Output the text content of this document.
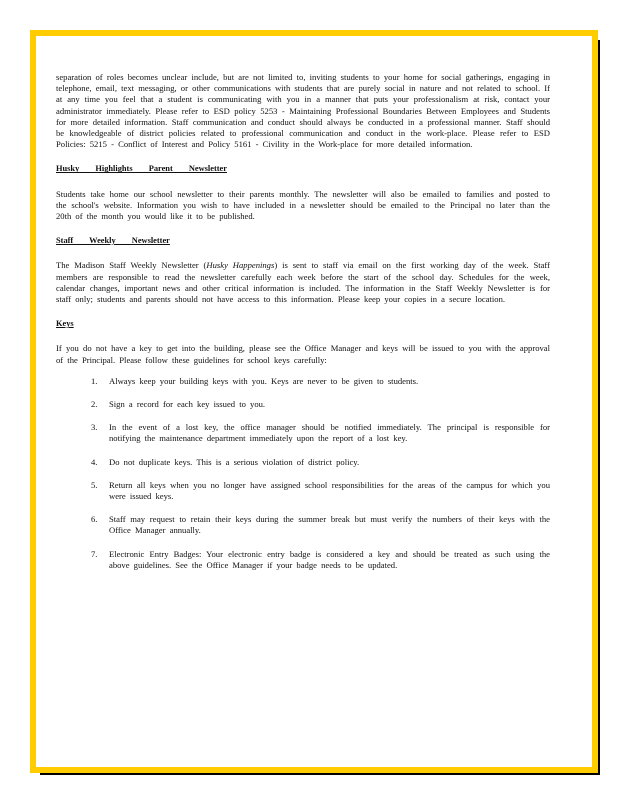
separation of roles becomes unclear include, but are not limited to, inviting students to your home for social gatherings, engaging in telephone, email, text messaging, or other communications with students that are purely social in nature and not related to school. If at any time you feel that a student is communicating with you in a manner that puts your professionalism at risk, contact your administrator immediately. Please refer to ESD policy 5253 - Maintaining Professional Boundaries Between Employees and Students for more detailed information. Staff communication and conduct should always be conducted in a professional manner. Staff should be knowledgeable of district policies related to professional communication and conduct in the work-place. Please refer to ESD Policies: 5215 - Conflict of Interest and Policy 5161 - Civility in the Work-place for more detailed information.

Husky Highlights Parent Newsletter

Students take home our school newsletter to their parents monthly. The newsletter will also be emailed to families and posted to the school's website. Information you wish to have included in a newsletter should be emailed to the Principal no later than the 20th of the month you would like it to be published.

Staff Weekly Newsletter

The Madison Staff Weekly Newsletter (Husky Happenings) is sent to staff via email on the first working day of the week. Staff members are responsible to read the newsletter carefully each week before the start of the school day. Schedules for the week, calendar changes, important news and other critical information is included. The information in the Staff Weekly Newsletter is for staff only; students and parents should not have access to this information. Please keep your copies in a secure location.

Keys

If you do not have a key to get into the building, please see the Office Manager and keys will be issued to you with the approval of the Principal. Please follow these guidelines for school keys carefully:

1. Always keep your building keys with you. Keys are never to be given to students.
2. Sign a record for each key issued to you.
3. In the event of a lost key, the office manager should be notified immediately. The principal is responsible for notifying the maintenance department immediately upon the report of a lost key.
4. Do not duplicate keys. This is a serious violation of district policy.
5. Return all keys when you no longer have assigned school responsibilities for the areas of the campus for which you were issued keys.
6. Staff may request to retain their keys during the summer break but must verify the numbers of their keys with the Office Manager annually.
7. Electronic Entry Badges: Your electronic entry badge is considered a key and should be treated as such using the above guidelines. See the Office Manager if your badge needs to be updated.
